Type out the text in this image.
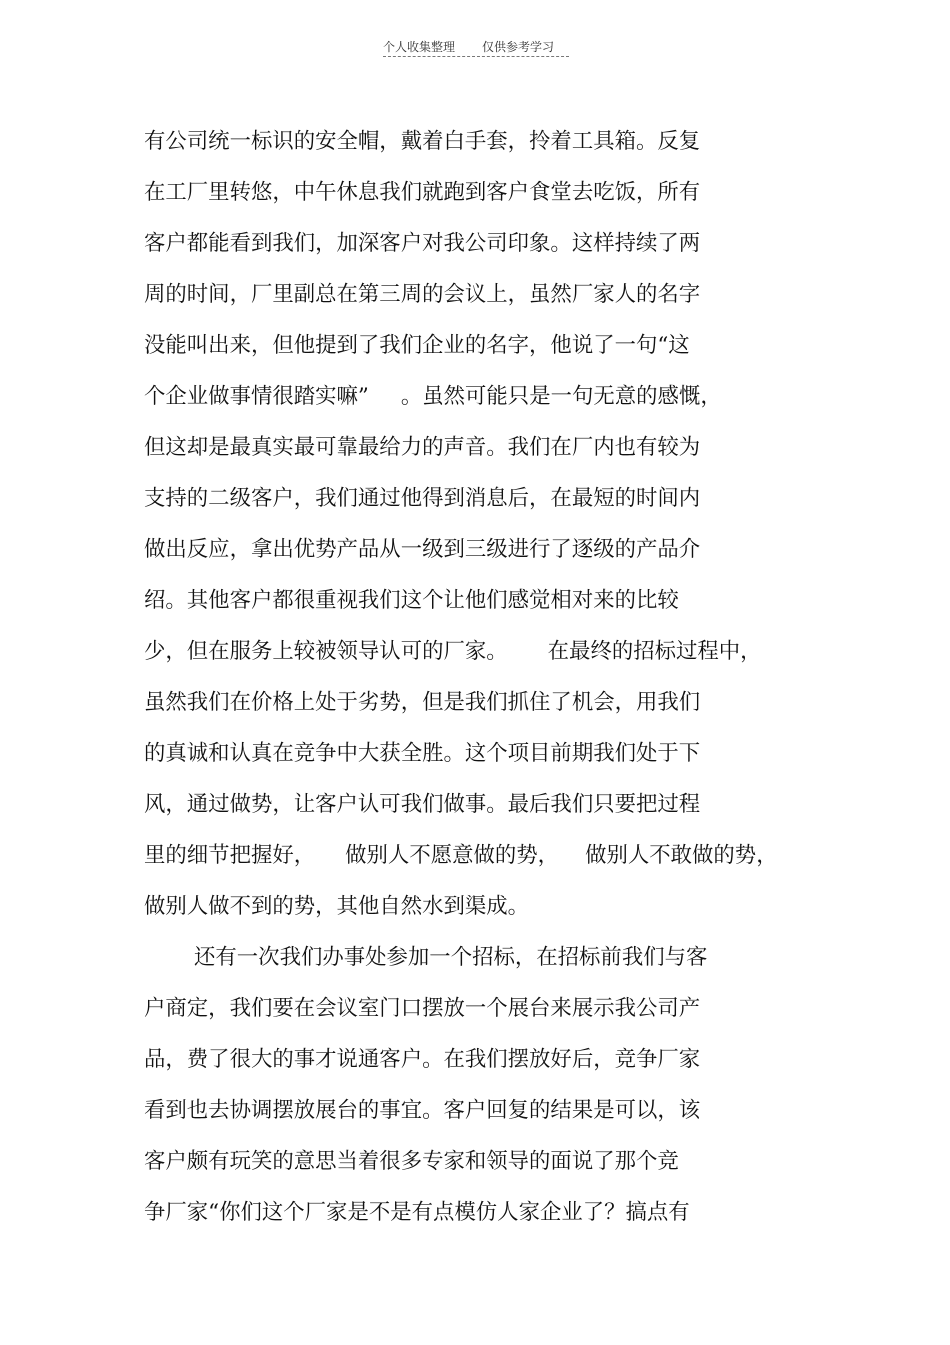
个人收集整理 仅供参考学习
有公司统一标识的安全帽，戴着白手套，拎着工具箱。反复
在工厂里转悠，中午休息我们就跑到客户食堂去吃饭，所有
客户都能看到我们，加深客户对我公司印象。这样持续了两
周的时间，厂里副总在第三周的会议上，虽然厂家人的名字
没能叫出来，但他提到了我们企业的名字，他说了一句“这
个企业做事情很踏实嘛” 。虽然可能只是一句无意的感慨，
但这却是最真实最可靠最给力的声音。我们在厂内也有较为
支持的二级客户，我们通过他得到消息后，在最短的时间内
做出反应，拿出优势产品从一级到三级进行了逐级的产品介
绍。其他客户都很重视我们这个让他们感觉相对来的比较
少，但在服务上较被领导认可的厂家。 在最终的招标过程中，
虽然我们在价格上处于劣势，但是我们抓住了机会，用我们
的真诚和认真在竞争中大获全胜。这个项目前期我们处于下
风，通过做势，让客户认可我们做事。最后我们只要把过程
里的细节把握好， 做别人不愿意做的势， 做别人不敢做的势，
做别人做不到的势，其他自然水到渠成。
还有一次我们办事处参加一个招标，在招标前我们与客
户商定，我们要在会议室门口摆放一个展台来展示我公司产
品，费了很大的事才说通客户。在我们摆放好后，竞争厂家
看到也去协调摆放展台的事宜。客户回复的结果是可以，该
客户颇有玩笑的意思当着很多专家和领导的面说了那个竞
争厂家“你们这个厂家是不是有点模仿人家企业了？搞点有
